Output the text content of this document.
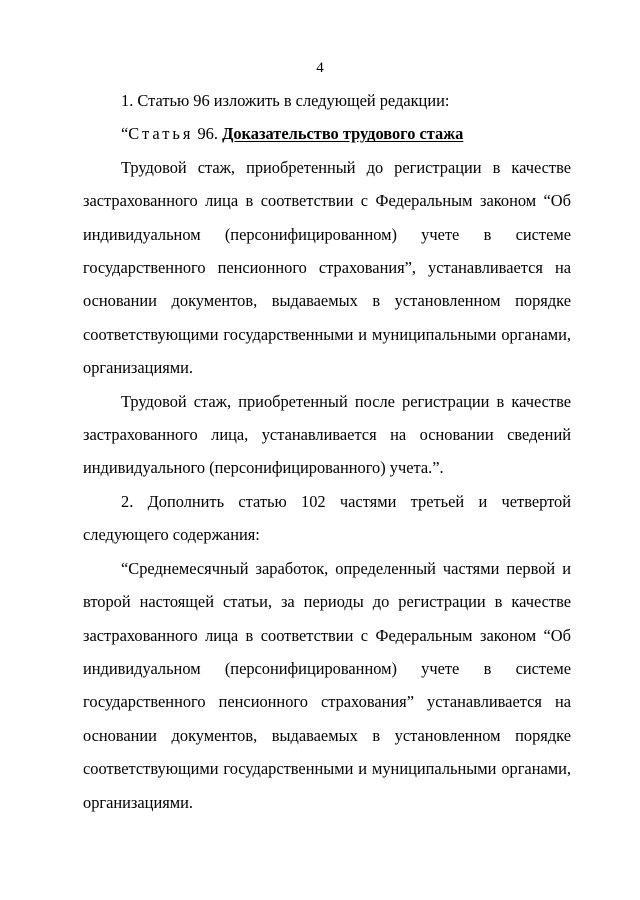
4

1. Статью 96 изложить в следующей редакции:

“Статья 96. Доказательство трудового стажа

Трудовой стаж, приобретенный до регистрации в качестве застрахованного лица в соответствии с Федеральным законом “Об индивидуальном (персонифицированном) учете в системе государственного пенсионного страхования”, устанавливается на основании документов, выдаваемых в установленном порядке соответствующими государственными и муниципальными органами, организациями.

Трудовой стаж, приобретенный после регистрации в качестве застрахованного лица, устанавливается на основании сведений индивидуального (персонифицированного) учета.”.

2. Дополнить статью 102 частями третьей и четвертой следующего содержания:

“Среднемесячный заработок, определенный частями первой и второй настоящей статьи, за периоды до регистрации в качестве застрахованного лица в соответствии с Федеральным законом “Об индивидуальном (персонифицированном) учете в системе государственного пенсионного страхования” устанавливается на основании документов, выдаваемых в установленном порядке соответствующими государственными и муниципальными органами, организациями.
